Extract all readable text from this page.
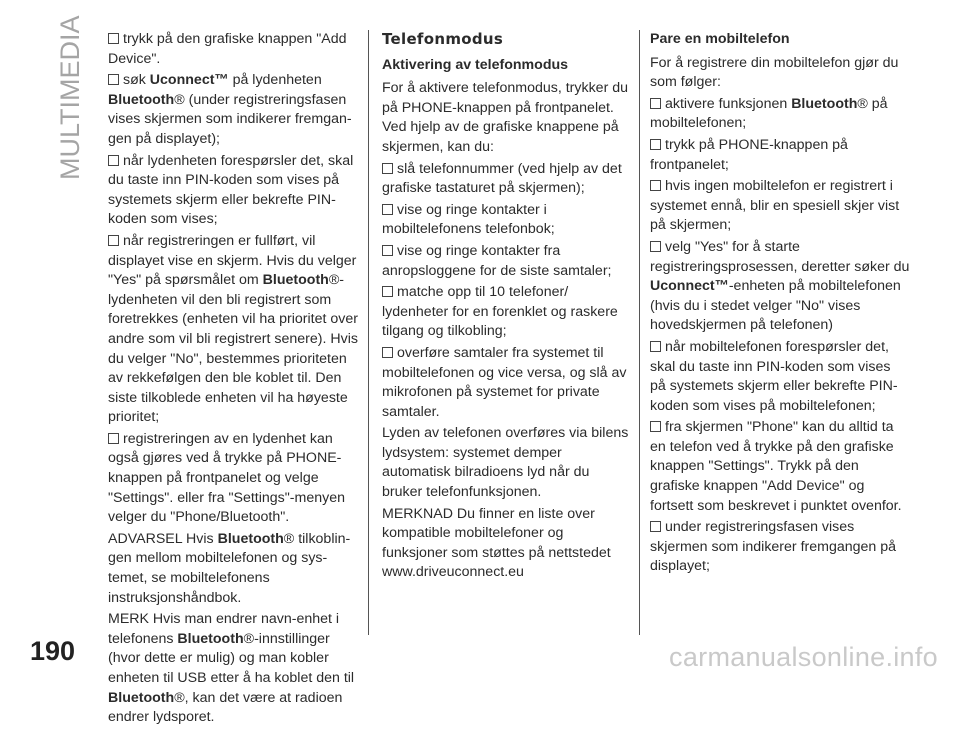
MULTIMEDIA	trykk på den grafiske knappen "Add Device".

søk Uconnect™ på lydenheten Bluetooth® (under registreringsfasen vises skjermen som indikerer fremgan-gen på displayet);

når lydenheten forespørsler det, skal du taste inn PIN-koden som vises på systemets skjerm eller bekrefte PIN-koden som vises;

når registreringen er fullført, vil displayet vise en skjerm. Hvis du velger "Yes" på spørsmålet om Bluetooth®-lydenheten vil den bli registrert som foretrekkes (enheten vil ha prioritet over andre som vil bli registrert senere). Hvis du velger "No", bestemmes prioriteten av rekkefølgen den ble koblet til. Den siste tilkoblede enheten vil ha høyeste prioritet;

registreringen av en lydenhet kan også gjøres ved å trykke på PHONE-knappen på frontpanelet og velge "Settings". eller fra "Settings"-menyen velger du "Phone/Bluetooth".

ADVARSEL Hvis Bluetooth® tilkoblin-gen mellom mobiltelefonen og sys-temet, se mobiltelefonens instruksjonshåndbok.

MERK Hvis man endrer navn-enhet i telefonens Bluetooth®-innstillinger (hvor dette er mulig) og man kobler enheten til USB etter å ha koblet den til Bluetooth®, kan det være at radioen endrer lydsporet.

Telefonmodus
Aktivering av telefonmodus

For å aktivere telefonmodus, trykker du på PHONE-knappen på frontpanelet. Ved hjelp av de grafiske knappene på skjermen, kan du:

slå telefonnummer (ved hjelp av det grafiske tastaturet på skjermen);

vise og ringe kontakter i mobiltelefonens telefonbok;

vise og ringe kontakter fra anropsloggene for de siste samtaler;

matche opp til 10 telefoner/ lydenheter for en forenklet og raskere tilgang og tilkobling;

overføre samtaler fra systemet til mobiltelefonen og vice versa, og slå av mikrofonen på systemet for private samtaler.

Lyden av telefonen overføres via bilens lydsystem: systemet demper automatisk bilradioens lyd når du bruker telefonfunksjonen.

MERKNAD Du finner en liste over kompatible mobiltelefoner og funksjoner som støttes på nettstedet www.driveuconnect.eu

Pare en mobiltelefon

For å registrere din mobiltelefon gjør du som følger:

aktivere funksjonen Bluetooth® på mobiltelefonen;

trykk på PHONE-knappen på frontpanelet;

hvis ingen mobiltelefon er registrert i systemet ennå, blir en spesiell skjer vist på skjermen;

velg "Yes" for å starte registreringsprosessen, deretter søker du Uconnect™-enheten på mobiltelefonen (hvis du i stedet velger "No" vises hovedskjermen på telefonen)

når mobiltelefonen forespørsler det, skal du taste inn PIN-koden som vises på systemets skjerm eller bekrefte PIN-koden som vises på mobiltelefonen;

fra skjermen "Phone" kan du alltid ta en telefon ved å trykke på den grafiske knappen "Settings". Trykk på den grafiske knappen "Add Device" og fortsett som beskrevet i punktet ovenfor.

under registreringsfasen vises skjermen som indikerer fremgangen på displayet;

190	carmanualsonline.info
